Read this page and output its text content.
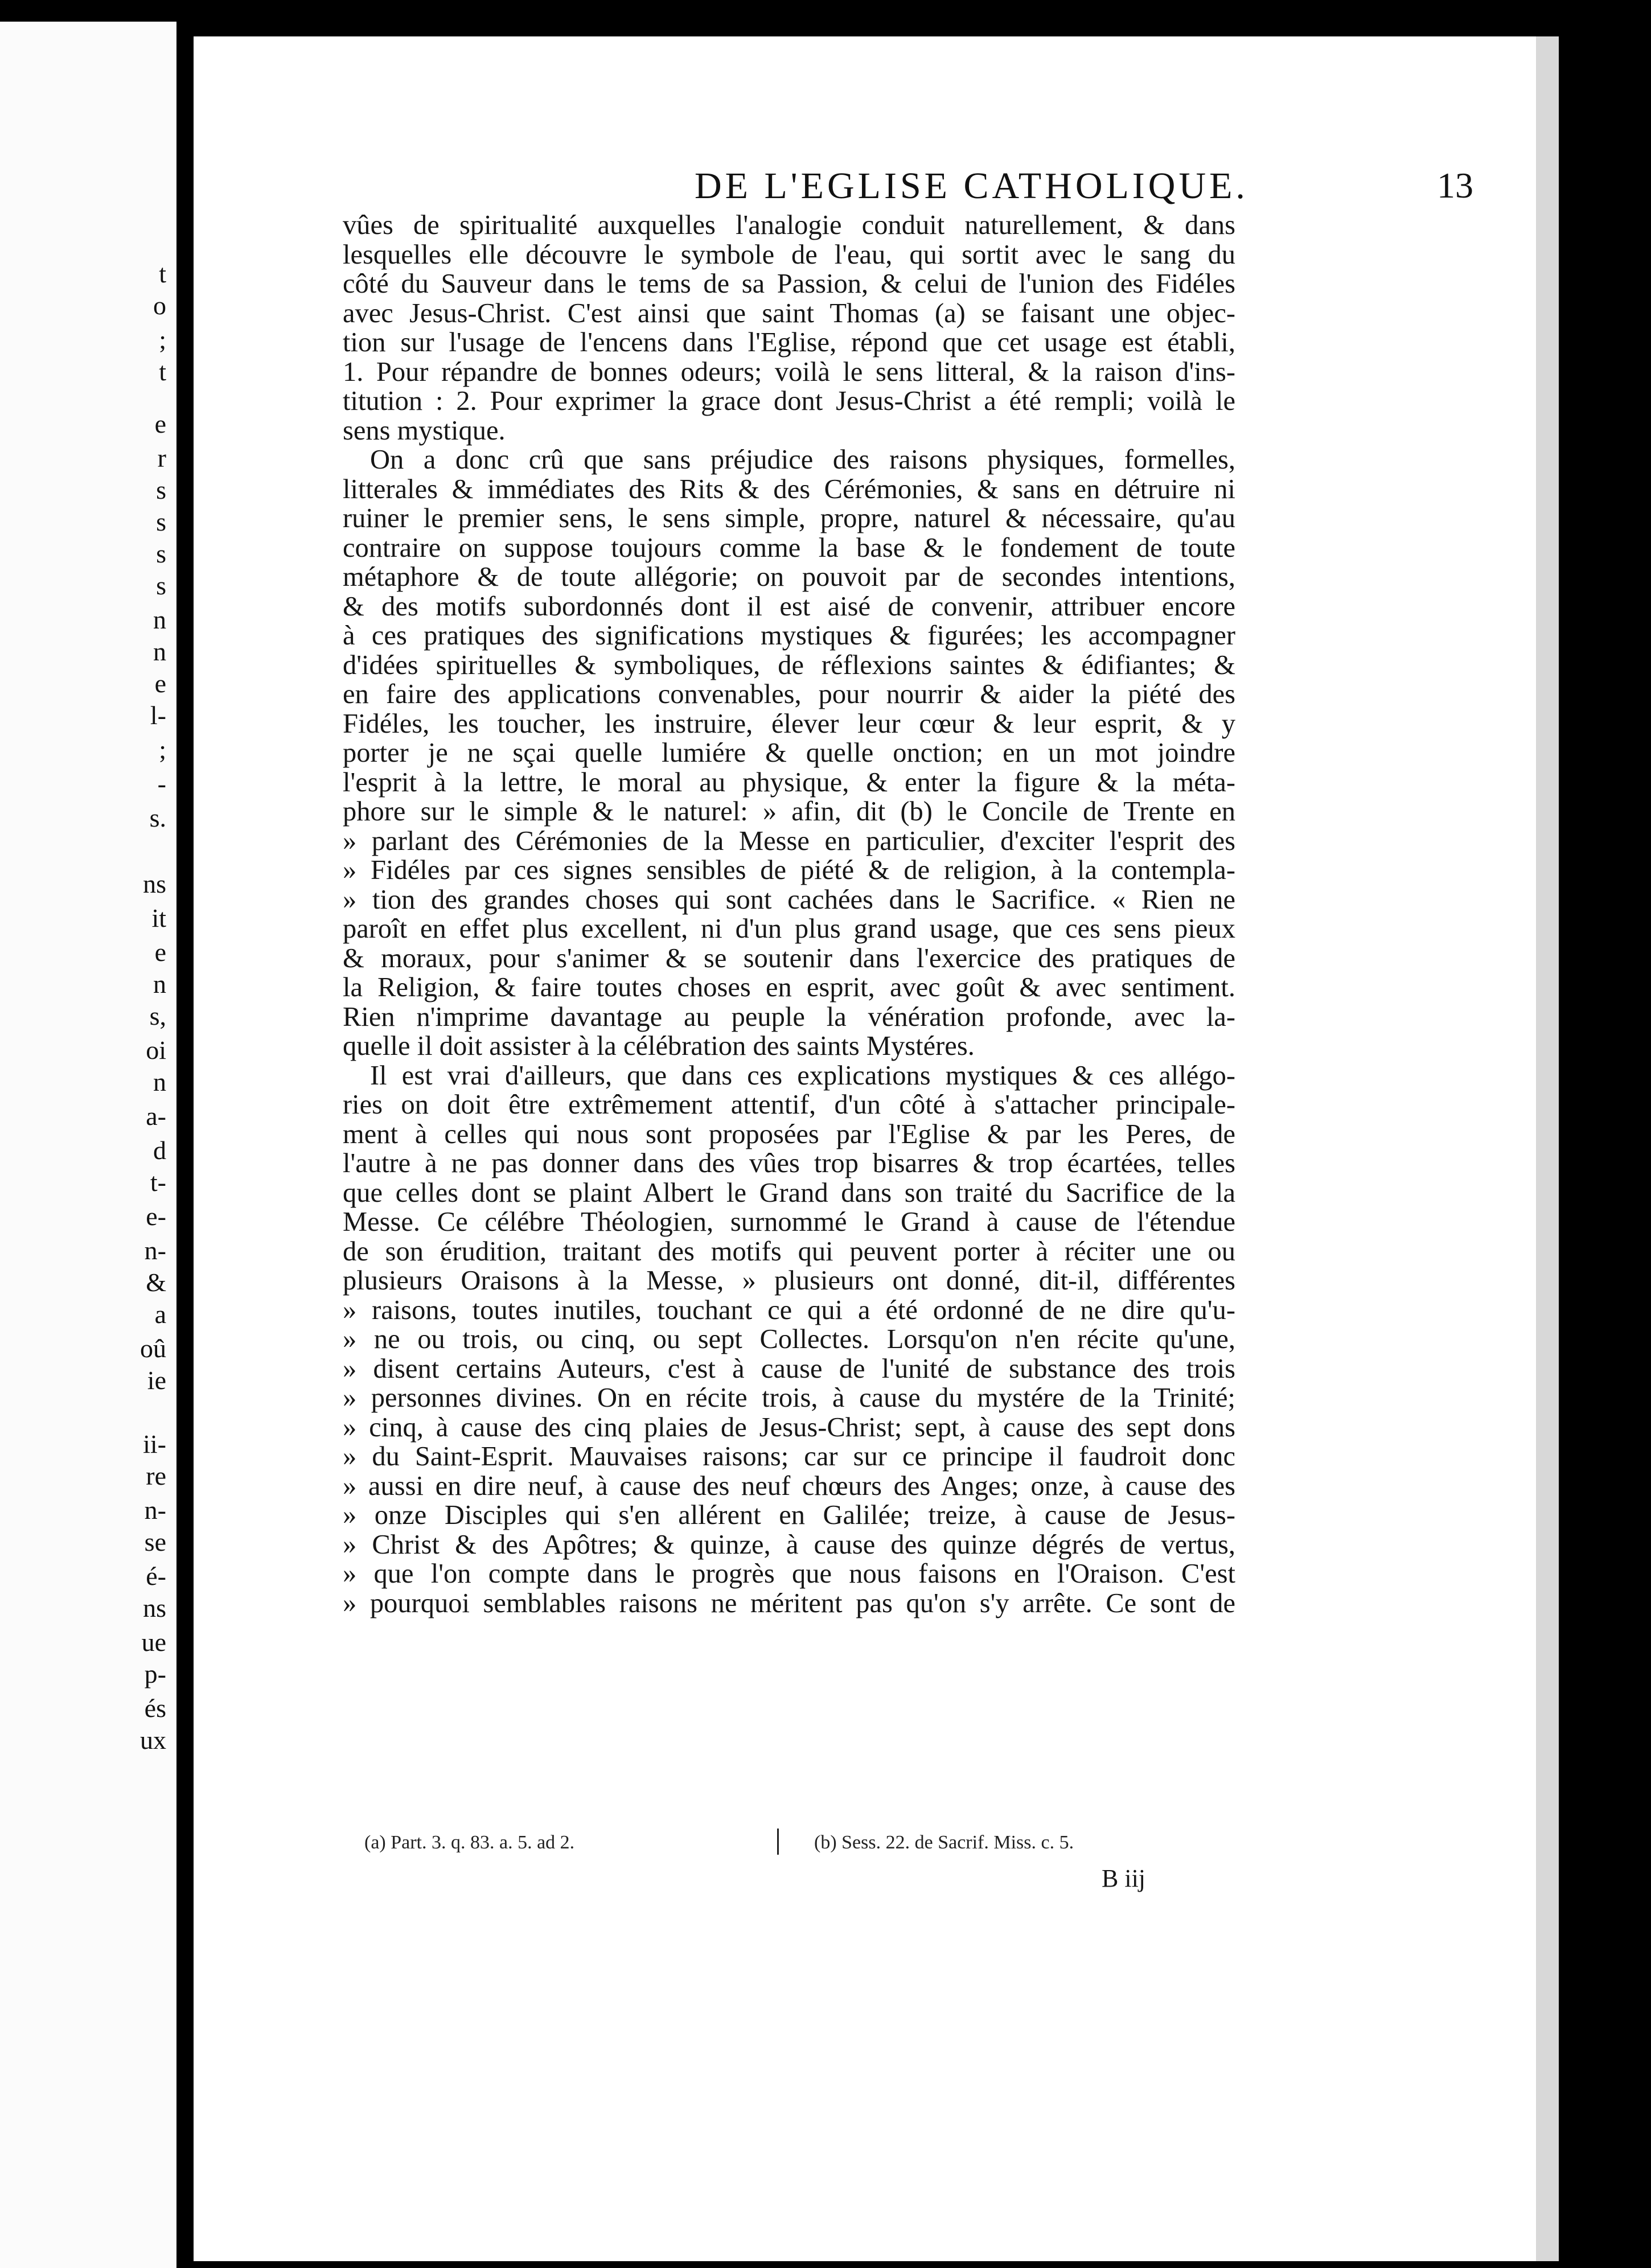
t
o
;
t
e
r
s
s
s
s
n
n
e
l-
;
-
s.
ns
it
e
n
s,
oi
n
a-
d
t-
e-
n-
&
a
oû
ie
ii-
re
n-
se
é-
ns
ue
p-
és
ux
DE L'EGLISE CATHOLIQUE.	13
vûes de spiritualité auxquelles l'analogie conduit naturellement, & dans
lesquelles elle découvre le symbole de l'eau, qui sortit avec le sang du
côté du Sauveur dans le tems de sa Passion, & celui de l'union des Fidéles
avec Jesus-Christ. C'est ainsi que saint Thomas (a) se faisant une objec-
tion sur l'usage de l'encens dans l'Eglise, répond que cet usage est établi,
1. Pour répandre de bonnes odeurs; voilà le sens litteral, & la raison d'ins-
titution : 2. Pour exprimer la grace dont Jesus-Christ a été rempli; voilà le
sens mystique.
On a donc crû que sans préjudice des raisons physiques, formelles,
litterales & immédiates des Rits & des Cérémonies, & sans en détruire ni
ruiner le premier sens, le sens simple, propre, naturel & nécessaire, qu'au
contraire on suppose toujours comme la base & le fondement de toute
métaphore & de toute allégorie; on pouvoit par de secondes intentions,
& des motifs subordonnés dont il est aisé de convenir, attribuer encore
à ces pratiques des significations mystiques & figurées; les accompagner
d'idées spirituelles & symboliques, de réflexions saintes & édifiantes; &
en faire des applications convenables, pour nourrir & aider la piété des
Fidéles, les toucher, les instruire, élever leur cœur & leur esprit, & y
porter je ne sçai quelle lumiére & quelle onction; en un mot joindre
l'esprit à la lettre, le moral au physique, & enter la figure & la méta-
phore sur le simple & le naturel: » afin, dit (b) le Concile de Trente en
» parlant des Cérémonies de la Messe en particulier, d'exciter l'esprit des
» Fidéles par ces signes sensibles de piété & de religion, à la contempla-
» tion des grandes choses qui sont cachées dans le Sacrifice. « Rien ne
paroît en effet plus excellent, ni d'un plus grand usage, que ces sens pieux
& moraux, pour s'animer & se soutenir dans l'exercice des pratiques de
la Religion, & faire toutes choses en esprit, avec goût & avec sentiment.
Rien n'imprime davantage au peuple la vénération profonde, avec la-
quelle il doit assister à la célébration des saints Mystéres.
Il est vrai d'ailleurs, que dans ces explications mystiques & ces allégo-
ries on doit être extrêmement attentif, d'un côté à s'attacher principale-
ment à celles qui nous sont proposées par l'Eglise & par les Peres, de
l'autre à ne pas donner dans des vûes trop bisarres & trop écartées, telles
que celles dont se plaint Albert le Grand dans son traité du Sacrifice de la
Messe. Ce célébre Théologien, surnommé le Grand à cause de l'étendue
de son érudition, traitant des motifs qui peuvent porter à réciter une ou
plusieurs Oraisons à la Messe, » plusieurs ont donné, dit-il, différentes
» raisons, toutes inutiles, touchant ce qui a été ordonné de ne dire qu'u-
» ne ou trois, ou cinq, ou sept Collectes. Lorsqu'on n'en récite qu'une,
» disent certains Auteurs, c'est à cause de l'unité de substance des trois
» personnes divines. On en récite trois, à cause du mystére de la Trinité;
» cinq, à cause des cinq plaies de Jesus-Christ; sept, à cause des sept dons
» du Saint-Esprit. Mauvaises raisons; car sur ce principe il faudroit donc
» aussi en dire neuf, à cause des neuf chœurs des Anges; onze, à cause des
» onze Disciples qui s'en allérent en Galilée; treize, à cause de Jesus-
» Christ & des Apôtres; & quinze, à cause des quinze dégrés de vertus,
» que l'on compte dans le progrès que nous faisons en l'Oraison. C'est
» pourquoi semblables raisons ne méritent pas qu'on s'y arrête. Ce sont de
(a) Part. 3. q. 83. a. 5. ad 2.	(b) Sess. 22. de Sacrif. Miss. c. 5.
B iij
